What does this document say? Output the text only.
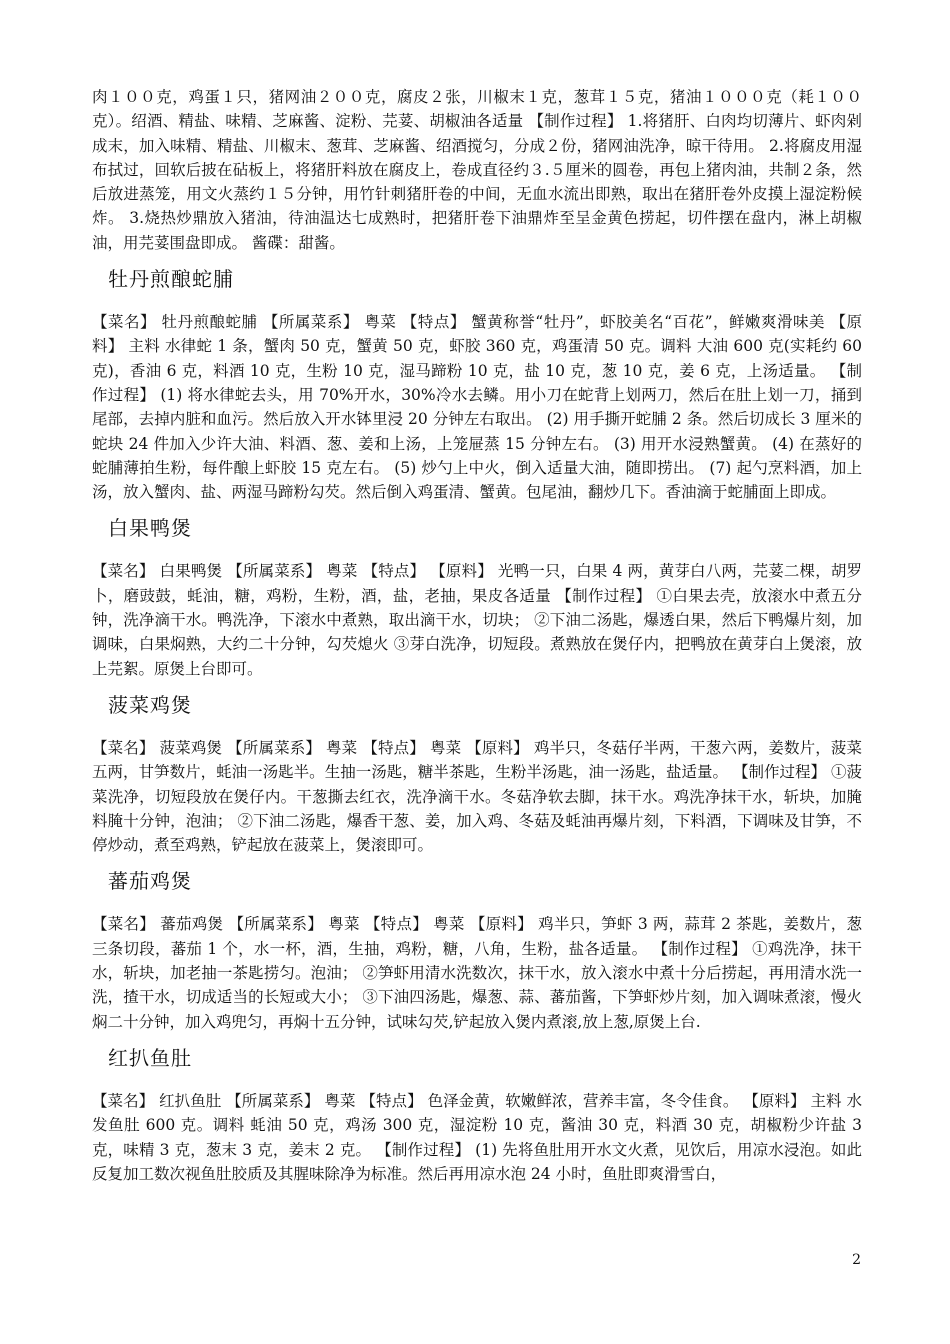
肉１００克，鸡蛋１只，猪网油２００克，腐皮２张，川椒末１克，葱茸１５克，猪油１０００克（耗１００克）。绍酒、精盐、味精、芝麻酱、淀粉、芫荽、胡椒油各适量 【制作过程】 1.将猪肝、白肉均切薄片、虾肉剁成末，加入味精、精盐、川椒末、葱茸、芝麻酱、绍酒搅匀，分成２份，猪网油洗净，晾干待用。 2.将腐皮用湿布拭过，回软后披在砧板上，将猪肝料放在腐皮上，卷成直径约３.５厘米的圆卷，再包上猪肉油，共制２条，然后放进蒸笼，用文火蒸约１５分钟，用竹针刺猪肝卷的中间，无血水流出即熟，取出在猪肝卷外皮摸上湿淀粉候炸。 3.烧热炒鼎放入猪油，待油温达七成熟时，把猪肝卷下油鼎炸至呈金黄色捞起，切件摆在盘内，淋上胡椒油，用芫荽围盘即成。 酱碟：甜酱。

牡丹煎酿蛇脯

【菜名】 牡丹煎酿蛇脯 【所属菜系】 粤菜 【特点】 蟹黄称誉“牡丹”，虾胶美名“百花”，鲜嫩爽滑味美 【原料】 主料 水律蛇 1 条，蟹肉 50 克，蟹黄 50 克，虾胶 360 克，鸡蛋清 50 克。调料 大油 600 克(实耗约 60 克)，香油 6 克，料酒 10 克，生粉 10 克，湿马蹄粉 10 克，盐 10 克，葱 10 克，姜 6 克，上汤适量。 【制作过程】 (1) 将水律蛇去头，用 70%开水，30%冷水去鳞。用小刀在蛇背上划两刀，然后在肚上划一刀，捅到尾部，去掉内脏和血污。然后放入开水钵里浸 20 分钟左右取出。 (2) 用手撕开蛇脯 2 条。然后切成长 3 厘米的蛇块 24 件加入少许大油、料酒、葱、姜和上汤，上笼屉蒸 15 分钟左右。 (3) 用开水浸熟蟹黄。 (4) 在蒸好的蛇脯薄拍生粉，每件酿上虾胶 15 克左右。 (5) 炒勺上中火，倒入适量大油，随即捞出。 (7) 起勺烹料酒，加上汤，放入蟹肉、盐、两湿马蹄粉勾芡。然后倒入鸡蛋清、蟹黄。包尾油，翻炒几下。香油滴于蛇脯面上即成。

白果鸭煲

【菜名】 白果鸭煲 【所属菜系】 粤菜 【特点】 【原料】 光鸭一只，白果 4 两，黄芽白八两，芫荽二棵，胡罗卜，磨豉鼓，蚝油，糖，鸡粉，生粉，酒，盐，老抽，果皮各适量 【制作过程】 ①白果去壳，放滚水中煮五分钟，洗净滴干水。鸭洗净，下滚水中煮熟，取出滴干水，切块； ②下油二汤匙，爆透白果，然后下鸭爆片刻，加调味，白果焖熟，大约二十分钟，勾芡熄火 ③芽白洗净，切短段。煮熟放在煲仔内，把鸭放在黄芽白上煲滚，放上芫絮。原煲上台即可。

菠菜鸡煲

【菜名】 菠菜鸡煲 【所属菜系】 粤菜 【特点】 粤菜 【原料】 鸡半只，冬菇仔半两，干葱六两，姜数片，菠菜五两，甘笋数片，蚝油一汤匙半。生抽一汤匙，糖半茶匙，生粉半汤匙，油一汤匙，盐适量。 【制作过程】 ①菠菜洗净，切短段放在煲仔内。干葱撕去红衣，洗净滴干水。冬菇净软去脚，抹干水。鸡洗净抹干水，斩块，加腌料腌十分钟，泡油； ②下油二汤匙，爆香干葱、姜，加入鸡、冬菇及蚝油再爆片刻，下料酒，下调味及甘笋，不停炒动，煮至鸡熟，铲起放在菠菜上，煲滚即可。

蕃茄鸡煲

【菜名】 蕃茄鸡煲 【所属菜系】 粤菜 【特点】 粤菜 【原料】 鸡半只，笋虾 3 两，蒜茸 2 茶匙，姜数片，葱三条切段，蕃茄 1 个，水一杯，酒，生抽，鸡粉，糖，八角，生粉，盐各适量。 【制作过程】 ①鸡洗净，抹干水，斩块，加老抽一茶匙捞匀。泡油； ②笋虾用清水洗数次，抹干水，放入滚水中煮十分后捞起，再用清水洗一洗，揸干水，切成适当的长短或大小； ③下油四汤匙，爆葱、蒜、蕃茄酱，下笋虾炒片刻，加入调味煮滚，慢火焖二十分钟，加入鸡兜匀，再焖十五分钟，试味勾芡,铲起放入煲内煮滚,放上葱,原煲上台.

红扒鱼肚

【菜名】 红扒鱼肚 【所属菜系】 粤菜 【特点】 色泽金黄，软嫩鲜浓，营养丰富，冬令佳食。 【原料】 主料 水发鱼肚 600 克。调料 蚝油 50 克，鸡汤 300 克，湿淀粉 10 克，酱油 30 克，料酒 30 克，胡椒粉少许盐 3 克，味精 3 克，葱末 3 克，姜末 2 克。 【制作过程】 (1) 先将鱼肚用开水文火煮，见饮后，用凉水浸泡。如此反复加工数次视鱼肚胶质及其腥味除净为标准。然后再用凉水泡 24 小时，鱼肚即爽滑雪白，

2
